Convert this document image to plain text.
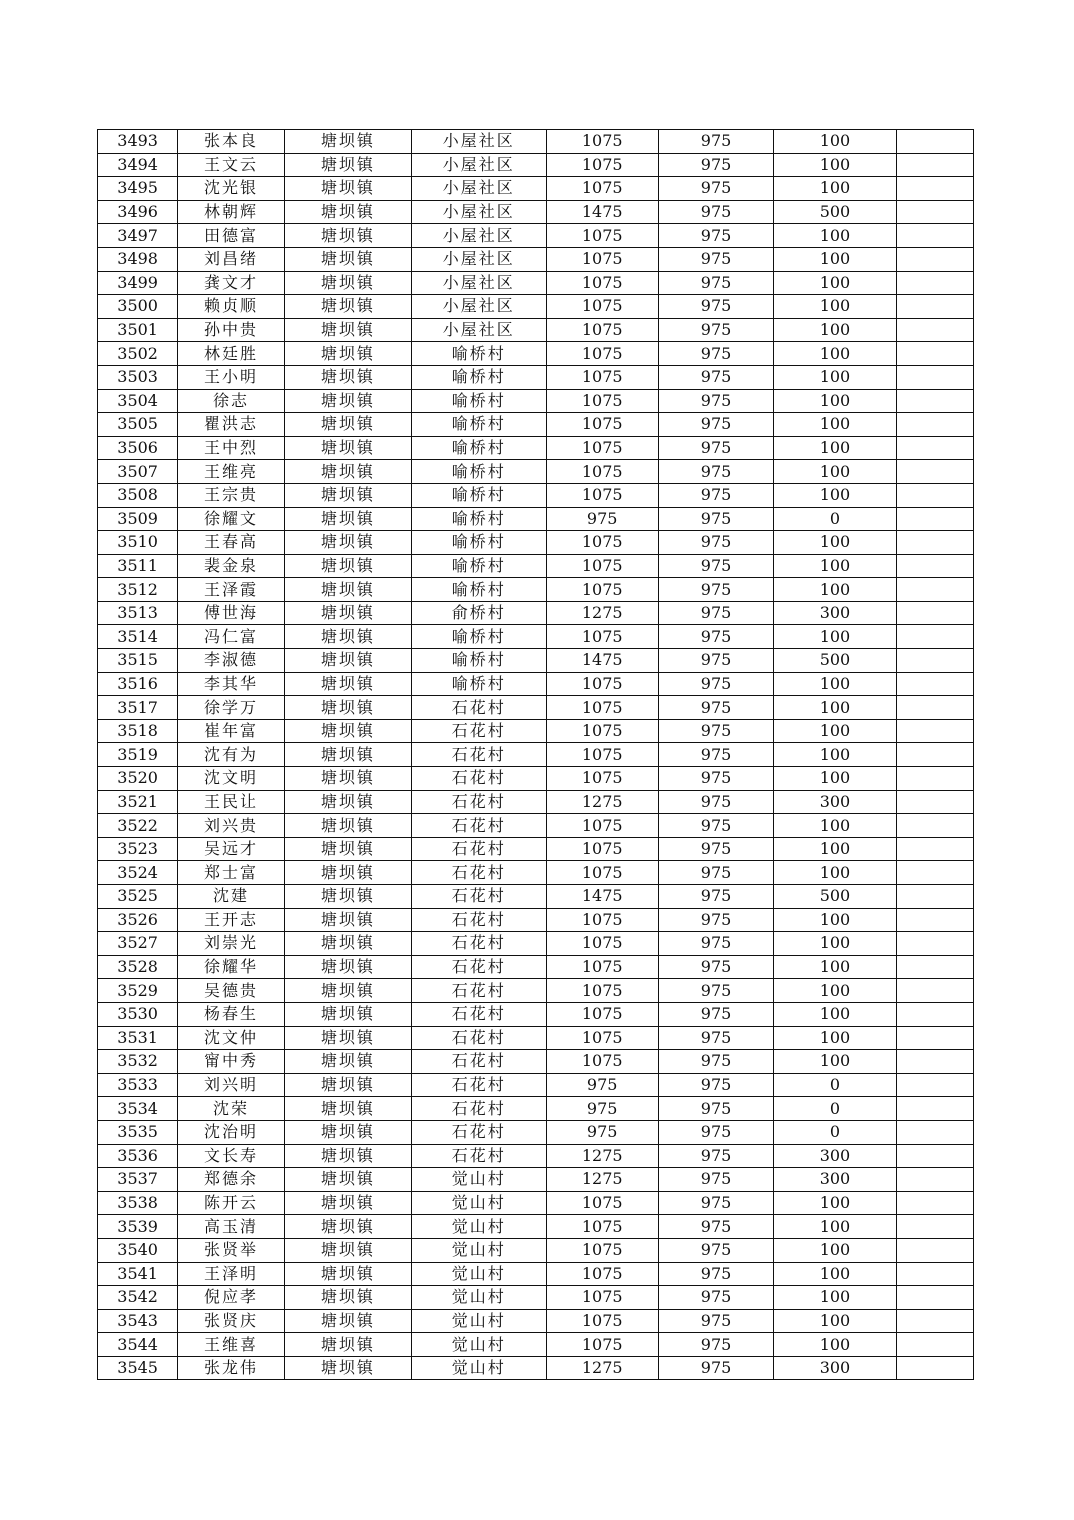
3493	张本良	塘坝镇	小屋社区	1075	975	100	
3494	王文云	塘坝镇	小屋社区	1075	975	100	
3495	沈光银	塘坝镇	小屋社区	1075	975	100	
3496	林朝辉	塘坝镇	小屋社区	1475	975	500	
3497	田德富	塘坝镇	小屋社区	1075	975	100	
3498	刘昌绪	塘坝镇	小屋社区	1075	975	100	
3499	龚文才	塘坝镇	小屋社区	1075	975	100	
3500	赖贞顺	塘坝镇	小屋社区	1075	975	100	
3501	孙中贵	塘坝镇	小屋社区	1075	975	100	
3502	林廷胜	塘坝镇	喻桥村	1075	975	100	
3503	王小明	塘坝镇	喻桥村	1075	975	100	
3504	徐志	塘坝镇	喻桥村	1075	975	100	
3505	瞿洪志	塘坝镇	喻桥村	1075	975	100	
3506	王中烈	塘坝镇	喻桥村	1075	975	100	
3507	王维亮	塘坝镇	喻桥村	1075	975	100	
3508	王宗贵	塘坝镇	喻桥村	1075	975	100	
3509	徐耀文	塘坝镇	喻桥村	975	975	0	
3510	王春高	塘坝镇	喻桥村	1075	975	100	
3511	裴金泉	塘坝镇	喻桥村	1075	975	100	
3512	王泽霞	塘坝镇	喻桥村	1075	975	100	
3513	傅世海	塘坝镇	俞桥村	1275	975	300	
3514	冯仁富	塘坝镇	喻桥村	1075	975	100	
3515	李淑德	塘坝镇	喻桥村	1475	975	500	
3516	李其华	塘坝镇	喻桥村	1075	975	100	
3517	徐学万	塘坝镇	石花村	1075	975	100	
3518	崔年富	塘坝镇	石花村	1075	975	100	
3519	沈有为	塘坝镇	石花村	1075	975	100	
3520	沈文明	塘坝镇	石花村	1075	975	100	
3521	王民让	塘坝镇	石花村	1275	975	300	
3522	刘兴贵	塘坝镇	石花村	1075	975	100	
3523	吴远才	塘坝镇	石花村	1075	975	100	
3524	郑士富	塘坝镇	石花村	1075	975	100	
3525	沈建	塘坝镇	石花村	1475	975	500	
3526	王开志	塘坝镇	石花村	1075	975	100	
3527	刘崇光	塘坝镇	石花村	1075	975	100	
3528	徐耀华	塘坝镇	石花村	1075	975	100	
3529	吴德贵	塘坝镇	石花村	1075	975	100	
3530	杨春生	塘坝镇	石花村	1075	975	100	
3531	沈文仲	塘坝镇	石花村	1075	975	100	
3532	甯中秀	塘坝镇	石花村	1075	975	100	
3533	刘兴明	塘坝镇	石花村	975	975	0	
3534	沈荣	塘坝镇	石花村	975	975	0	
3535	沈治明	塘坝镇	石花村	975	975	0	
3536	文长寿	塘坝镇	石花村	1275	975	300	
3537	郑德余	塘坝镇	觉山村	1275	975	300	
3538	陈开云	塘坝镇	觉山村	1075	975	100	
3539	高玉清	塘坝镇	觉山村	1075	975	100	
3540	张贤举	塘坝镇	觉山村	1075	975	100	
3541	王泽明	塘坝镇	觉山村	1075	975	100	
3542	倪应孝	塘坝镇	觉山村	1075	975	100	
3543	张贤庆	塘坝镇	觉山村	1075	975	100	
3544	王维喜	塘坝镇	觉山村	1075	975	100	
3545	张龙伟	塘坝镇	觉山村	1275	975	300	
